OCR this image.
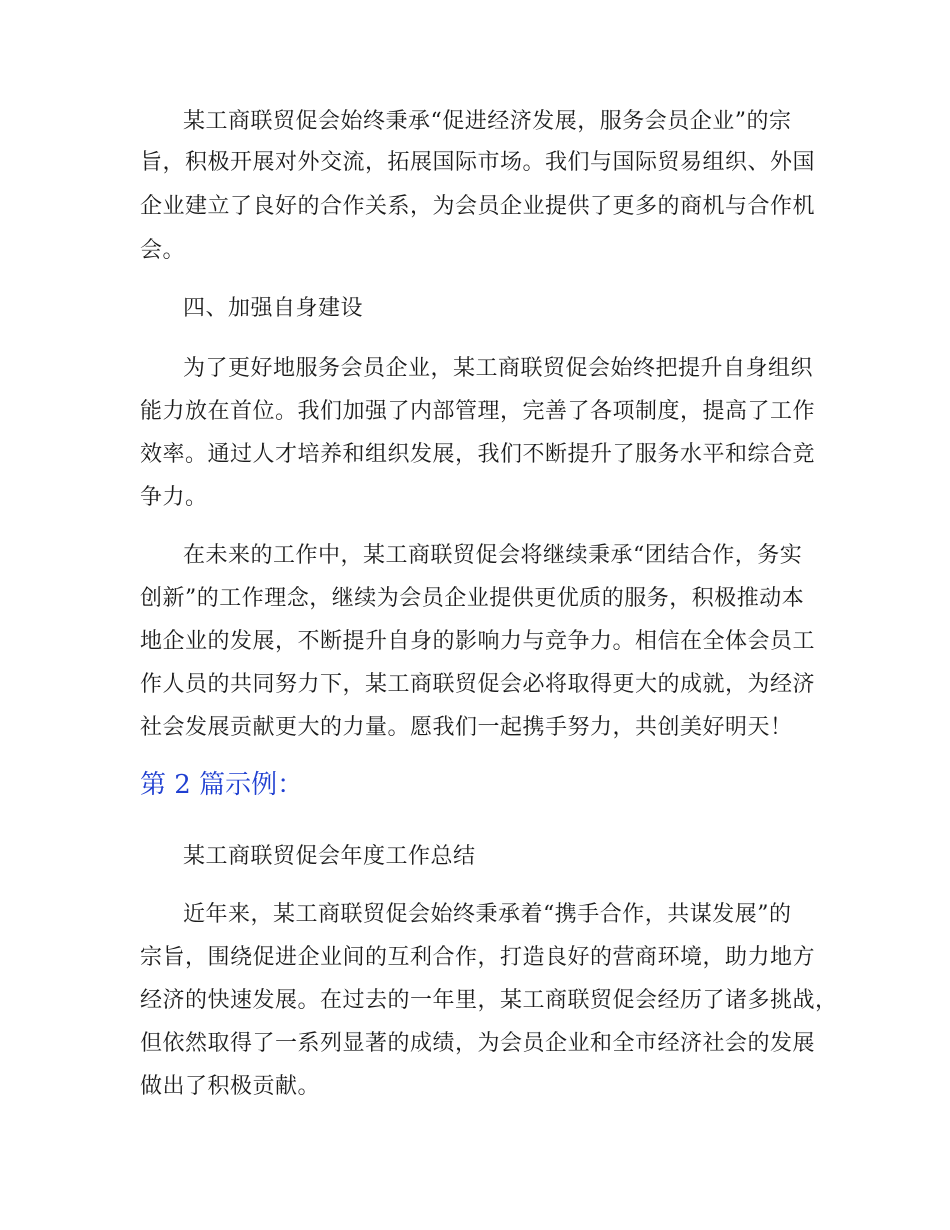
某工商联贸促会始终秉承“促进经济发展，服务会员企业”的宗
旨，积极开展对外交流，拓展国际市场。我们与国际贸易组织、外国
企业建立了良好的合作关系，为会员企业提供了更多的商机与合作机
会。
四、加强自身建设
为了更好地服务会员企业，某工商联贸促会始终把提升自身组织
能力放在首位。我们加强了内部管理，完善了各项制度，提高了工作
效率。通过人才培养和组织发展，我们不断提升了服务水平和综合竞
争力。
在未来的工作中，某工商联贸促会将继续秉承“团结合作，务实
创新”的工作理念，继续为会员企业提供更优质的服务，积极推动本
地企业的发展，不断提升自身的影响力与竞争力。相信在全体会员工
作人员的共同努力下，某工商联贸促会必将取得更大的成就，为经济
社会发展贡献更大的力量。愿我们一起携手努力，共创美好明天！
第 2 篇示例：
某工商联贸促会年度工作总结
近年来，某工商联贸促会始终秉承着“携手合作，共谋发展”的
宗旨，围绕促进企业间的互利合作，打造良好的营商环境，助力地方
经济的快速发展。在过去的一年里，某工商联贸促会经历了诸多挑战，
但依然取得了一系列显著的成绩，为会员企业和全市经济社会的发展
做出了积极贡献。
